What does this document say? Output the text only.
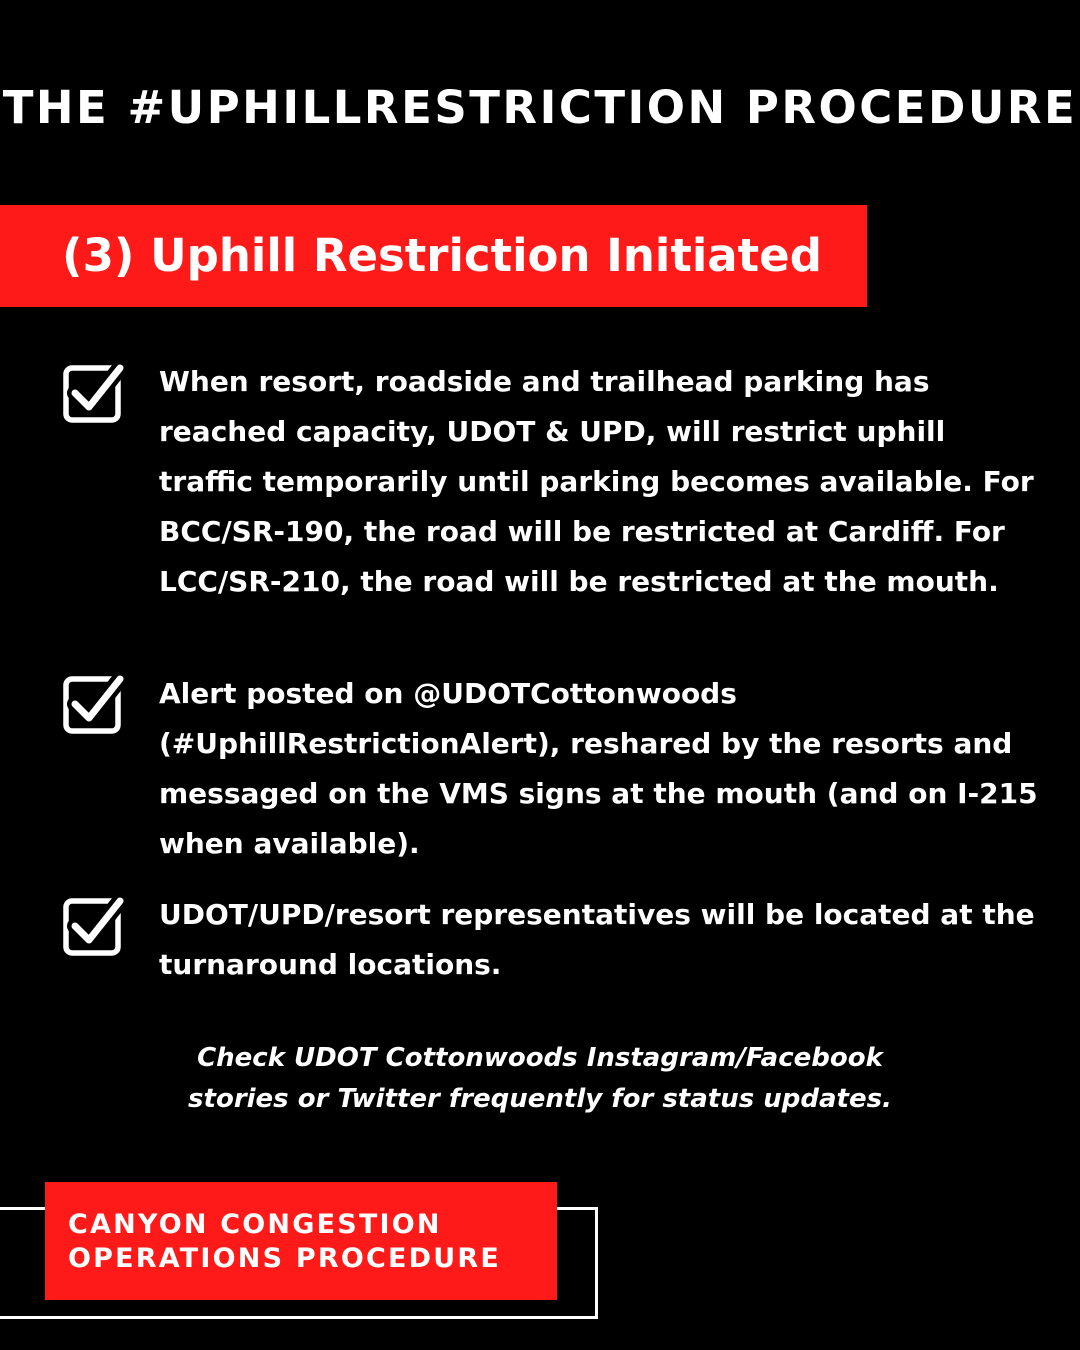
THE #UPHILLRESTRICTION PROCEDURE
(3) Uphill Restriction Initiated
When resort, roadside and trailhead parking has reached capacity, UDOT & UPD, will restrict uphill traffic temporarily until parking becomes available. For BCC/SR-190, the road will be restricted at Cardiff. For LCC/SR-210, the road will be restricted at the mouth.
Alert posted on @UDOTCottonwoods (#UphillRestrictionAlert), reshared by the resorts and messaged on the VMS signs at the mouth (and on I-215 when available).
UDOT/UPD/resort representatives will be located at the turnaround locations.
Check UDOT Cottonwoods Instagram/Facebook
stories or Twitter frequently for status updates.
CANYON CONGESTION
OPERATIONS PROCEDURE
